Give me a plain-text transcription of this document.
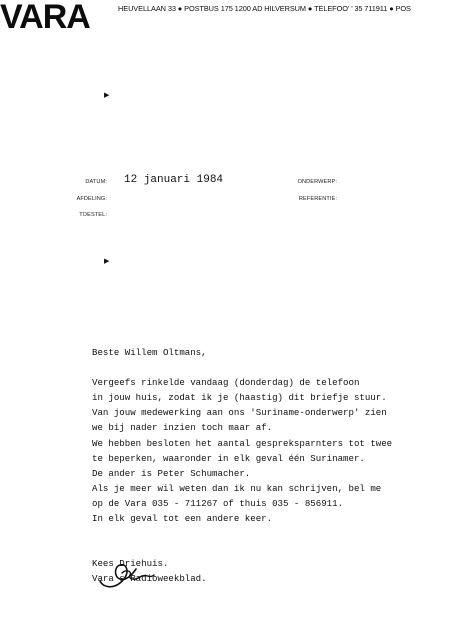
VARA	HEUVELLAAN 33 ● POSTBUS 175 1200 AD HILVERSUM ● TELEFOO’ ’ 35 711911 ● POS
▶
▶
DATUM: 12 januari 1984
AFDELING:
TOESTEL:
ONDERWERP:
REFERENTIE:
Beste Willem Oltmans,
Vergeefs rinkelde vandaag (donderdag) de telefoon
in jouw huis, zodat ik je (haastig) dit briefje stuur.
Van jouw medewerking aan ons 'Suriname-onderwerp' zien
we bij nader inzien toch maar af.
We hebben besloten het aantal gespreksparnters tot twee
te beperken, waaronder in elk geval één Surinamer.
De ander is Peter Schumacher.
Als je meer wil weten dan ik nu kan schrijven, bel me
op de Vara 035 - 711267 of thuis 035 - 856911.
In elk geval tot een andere keer.

Kees Driehuis.
Vara's Radioweekblad.
